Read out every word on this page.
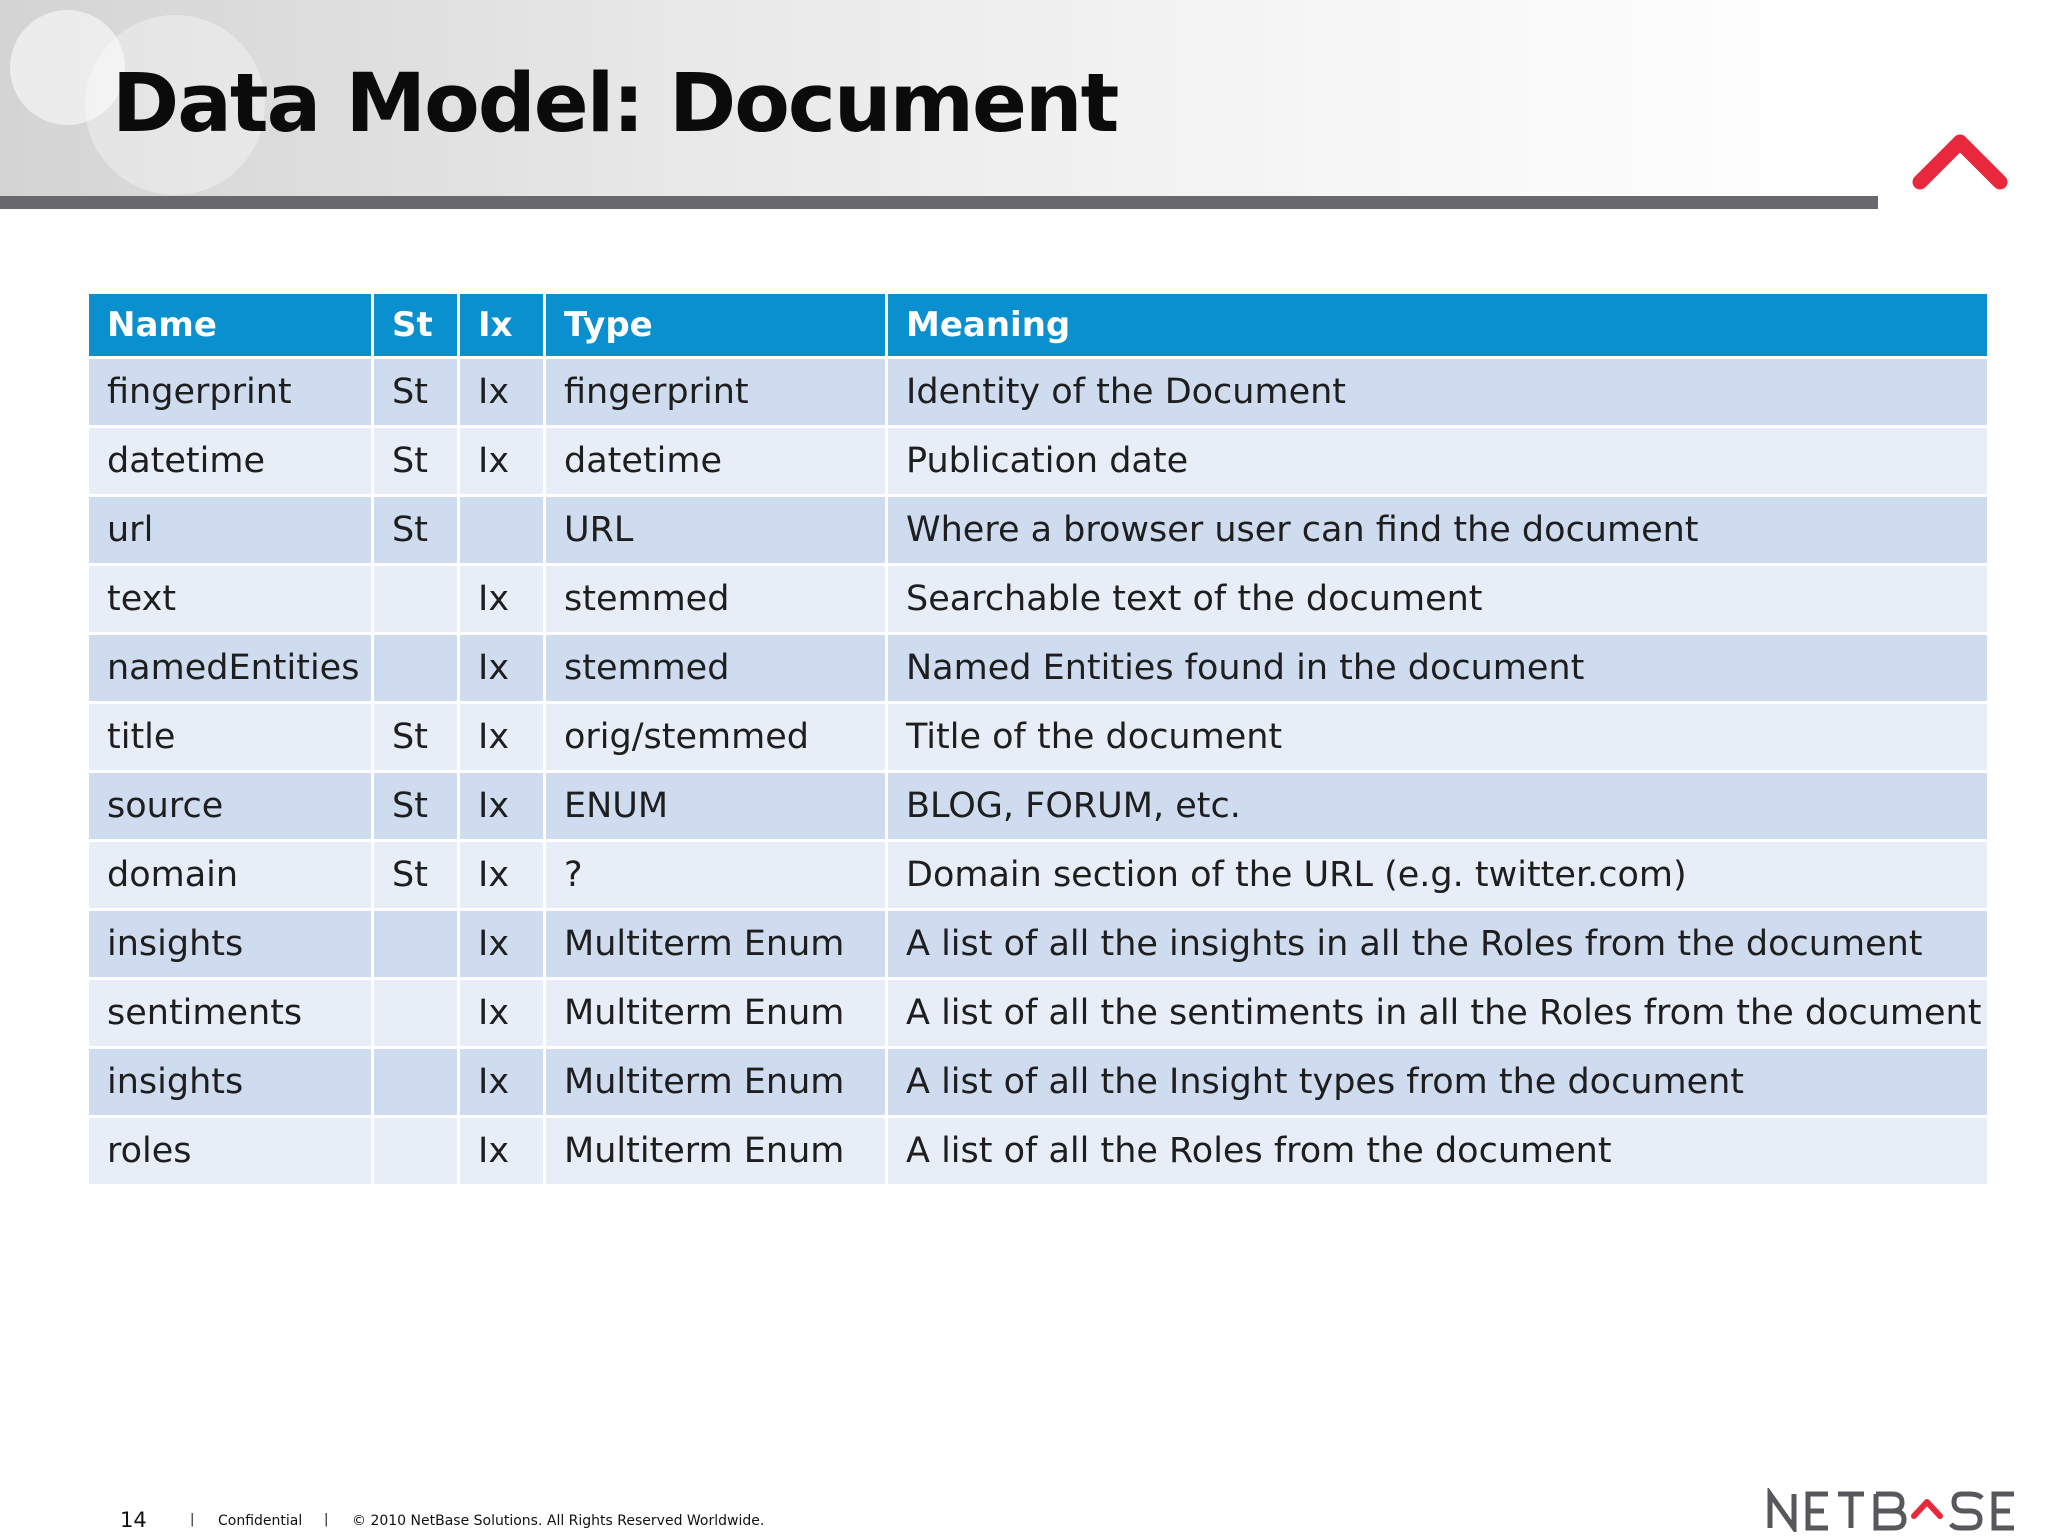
Data Model: Document
Name	St	Ix	Type	Meaning
fingerprint	St	Ix	fingerprint	Identity of the Document
datetime	St	Ix	datetime	Publication date
url	St		URL	Where a browser user can find the document
text		Ix	stemmed	Searchable text of the document
namedEntities		Ix	stemmed	Named Entities found in the document
title	St	Ix	orig/stemmed	Title of the document
source	St	Ix	ENUM	BLOG, FORUM, etc.
domain	St	Ix	?	Domain section of the URL (e.g. twitter.com)
insights		Ix	Multiterm Enum	A list of all the insights in all the Roles from the document
sentiments		Ix	Multiterm Enum	A list of all the sentiments in all the Roles from the document
insights		Ix	Multiterm Enum	A list of all the Insight types from the document
roles		Ix	Multiterm Enum	A list of all the Roles from the document
14	| Confidential | © 2010 NetBase Solutions. All Rights Reserved Worldwide.
